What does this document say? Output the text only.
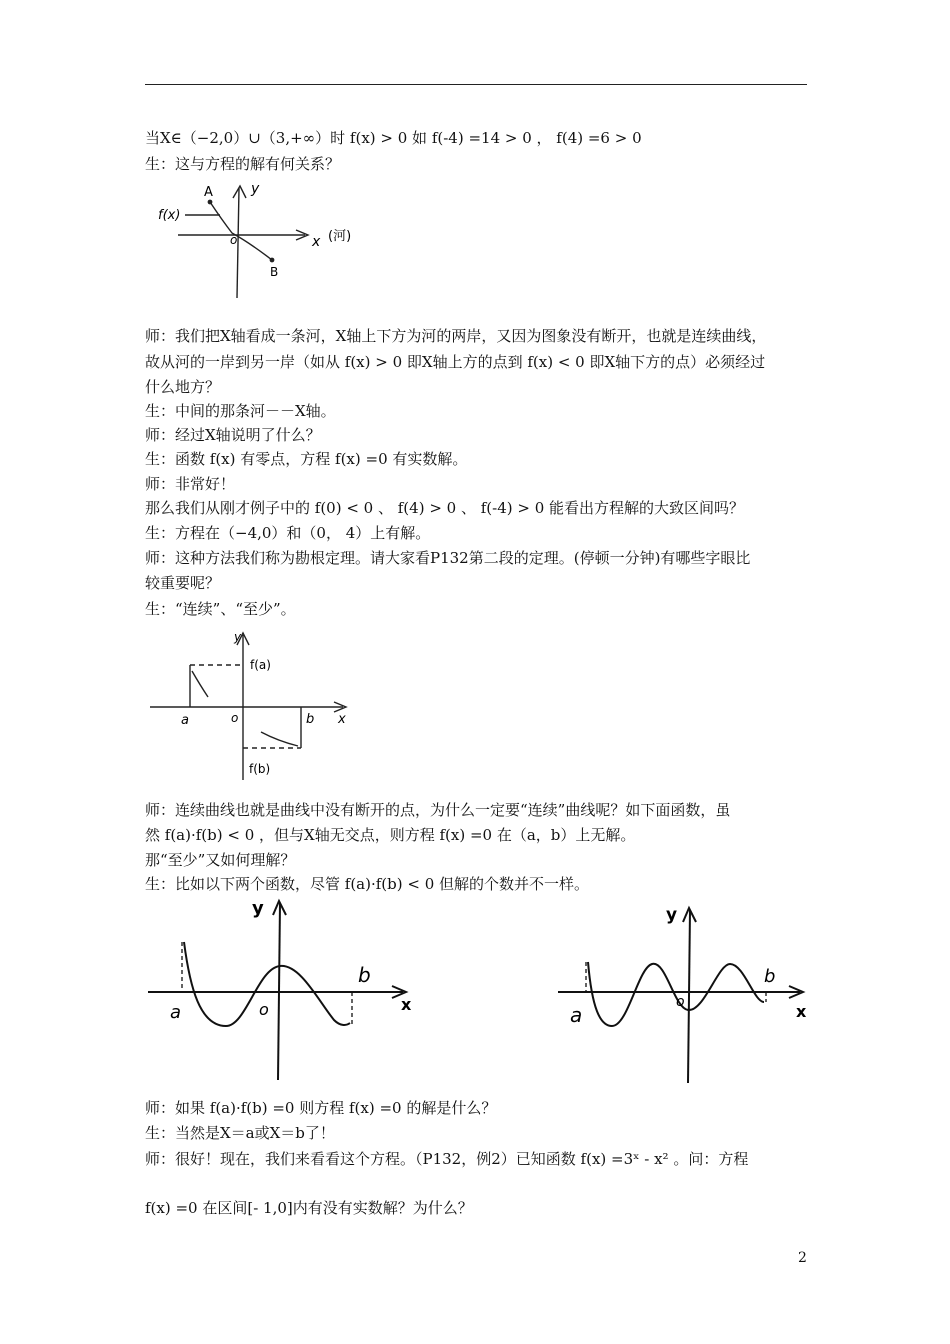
当X∈（−2,0）∪（3,+∞）时 f(x) > 0 如 f(-4) =14 > 0 ， f(4) =6 > 0
生：这与方程的解有何关系？
师：我们把X轴看成一条河，X轴上下方为河的两岸，又因为图象没有断开，也就是连续曲线，
故从河的一岸到另一岸（如从 f(x) > 0 即X轴上方的点到 f(x) < 0 即X轴下方的点）必须经过
什么地方？
生：中间的那条河－－X轴。
师：经过X轴说明了什么？
生：函数 f(x) 有零点，方程 f(x) =0 有实数解。
师：非常好！
那么我们从刚才例子中的 f(0) < 0 、 f(4) > 0 、 f(-4) > 0 能看出方程解的大致区间吗？
生：方程在（−4,0）和（0， 4）上有解。
师：这种方法我们称为勘根定理。请大家看P132第二段的定理。(停顿一分钟)有哪些字眼比
较重要呢？
生：“连续”、“至少”。
师：连续曲线也就是曲线中没有断开的点，为什么一定要“连续”曲线呢？如下面函数，虽
然 f(a)·f(b) < 0 ，但与X轴无交点，则方程 f(x) =0 在（a，b）上无解。
那“至少”又如何理解？
生：比如以下两个函数，尽管 f(a)·f(b) < 0 但解的个数并不一样。
师：如果 f(a)·f(b) =0 则方程 f(x) =0 的解是什么？
生：当然是X＝a或X＝b了！
师：很好！现在，我们来看看这个方程。（P132，例2）已知函数 f(x) =3ˣ - x² 。问：方程
f(x) =0 在区间[- 1,0]内有没有实数解？为什么？
f(x)
A	y
o	x (河)
B
y
f(a)
a	o	b x
f(b)
y
a	o
b
x
y
a
o
b
x
2
